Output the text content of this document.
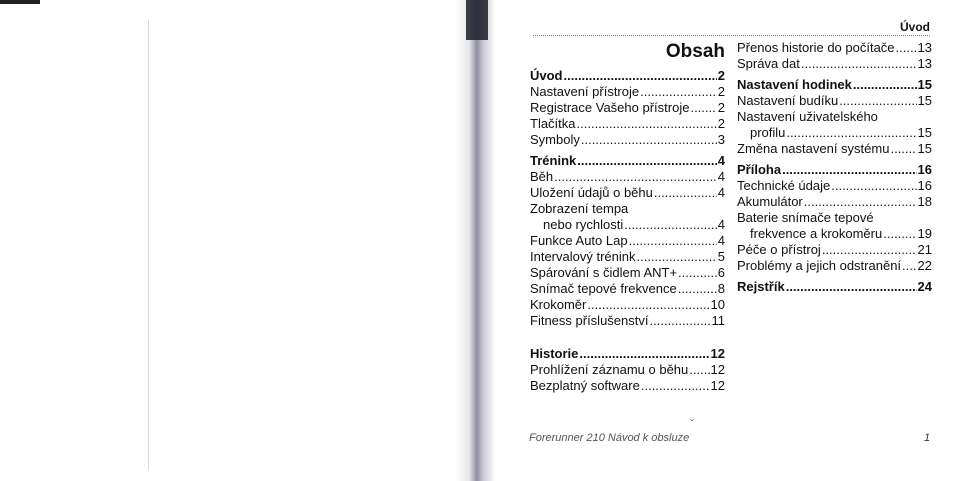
Úvod
Obsah
Úvod .....	2
Nastavení přístroje .....	2
Registrace Vašeho přístroje ..... 2
Tlačítka .....	2
Symboly .....	3
Trénink .....	4
Běh .....	4
Uložení údajů o běhu .....	4
Zobrazení tempa
nebo rychlosti .....	4
Funkce Auto Lap .....	4
Intervalový trénink .....	5
Spárování s čidlem ANT+ .....	6
Snímač tepové frekvence .....	8
Krokoměr .....	10
Fitness příslušenství .....	11
Historie .....	12
Prohlížení záznamu o běhu ..... 12
Bezplatný software .....	12
Přenos historie do počítače ..... 13
Správa dat .....	13
Nastavení hodinek .....	15
Nastavení budíku .....	15
Nastavení uživatelského
profilu .....	15
Změna nastavení systému ..... 15
Příloha .....	16
Technické údaje .....	16
Akumulátor .....	18
Baterie snímače tepové
frekvence a krokoměru .....	19
Péče o přístroj .....	21
Problémy a jejich odstranění ..... 22
Rejstřík .....	24
ˇ
Forerunner 210 Návod k obsluze	1
